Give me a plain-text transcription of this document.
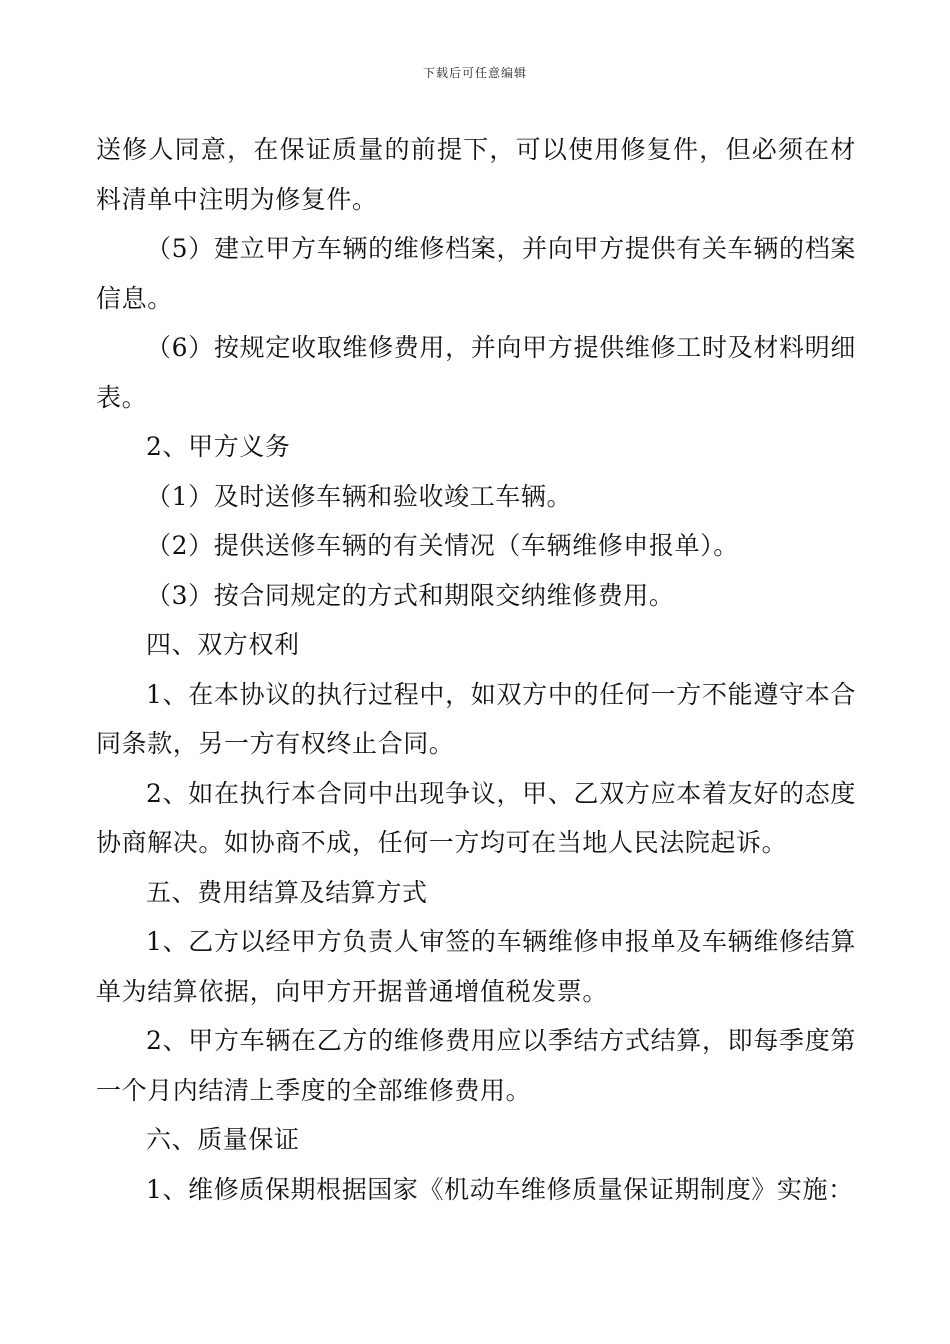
下载后可任意编辑

送修人同意，在保证质量的前提下，可以使用修复件，但必须在材料清单中注明为修复件。

（5）建立甲方车辆的维修档案，并向甲方提供有关车辆的档案信息。

（6）按规定收取维修费用，并向甲方提供维修工时及材料明细表。

2、甲方义务

（1）及时送修车辆和验收竣工车辆。

（2）提供送修车辆的有关情况（车辆维修申报单）。

（3）按合同规定的方式和期限交纳维修费用。

四、双方权利

1、在本协议的执行过程中，如双方中的任何一方不能遵守本合同条款，另一方有权终止合同。

2、如在执行本合同中出现争议，甲、乙双方应本着友好的态度协商解决。如协商不成，任何一方均可在当地人民法院起诉。

五、费用结算及结算方式

1、乙方以经甲方负责人审签的车辆维修申报单及车辆维修结算单为结算依据，向甲方开据普通增值税发票。

2、甲方车辆在乙方的维修费用应以季结方式结算，即每季度第一个月内结清上季度的全部维修费用。

六、质量保证

1、维修质保期根据国家《机动车维修质量保证期制度》实施：
